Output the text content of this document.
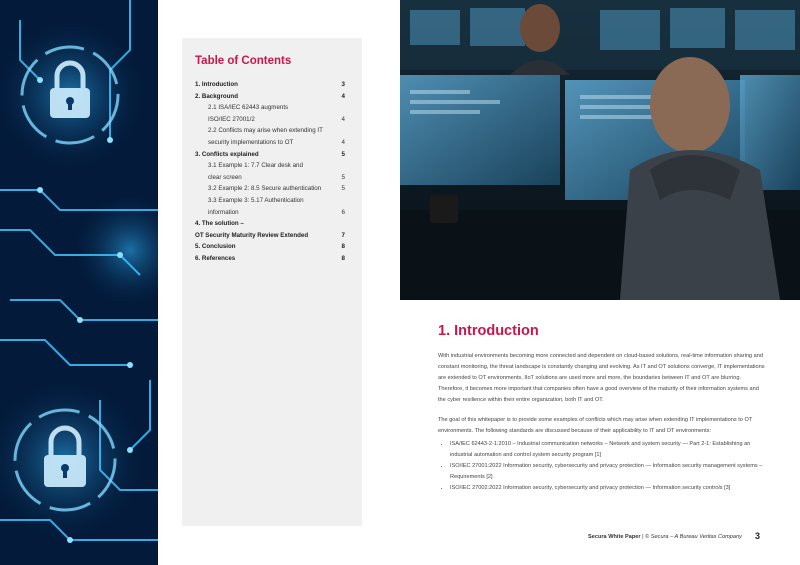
Table of Contents
1. Introduction	3
2. Background	4
2.1 ISA/IEC 62443 augments
ISO/IEC 27001/2	4
2.2 Conflicts may arise when extending IT
security implementations to OT	4
3. Conflicts explained	5
3.1 Example 1: 7.7 Clear desk and
clear screen	5
3.2 Example 2: 8.5 Secure authentication	5
3.3 Example 3: 5.17 Authentication
information	6
4. The solution –
OT Security Maturity Review Extended	7
5. Conclusion	8
6. References	8
1. Introduction

With industrial environments becoming more connected and dependent on cloud-based solutions, real-time information sharing and constant monitoring, the threat landscape is constantly changing and evolving. As IT and OT solutions converge, IT implementations are extended to OT environments, IIoT solutions are used more and more, the boundaries between IT and OT are blurring. Therefore, it becomes more important that companies often have a good overview of the maturity of their information systems and the cyber resilience within their entire organization, both IT and OT.

The goal of this whitepaper is to provide some examples of conflicts which may arise when extending IT implementations to OT environments. The following standards are discussed because of their applicability to IT and OT environments:

• ISA/IEC 62443-2-1:2010 – Industrial communication networks – Network and system security — Part 2-1: Establishing an industrial automation and control system security program [1]
• ISO/IEC 27001:2022 Information security, cybersecurity and privacy protection — Information security management systems – Requirements [2]
• ISO/IEC 27002:2022 Information security, cybersecurity and privacy protection — Information security controls [3]
Secura White Paper | © Secura – A Bureau Veritas Company 3
